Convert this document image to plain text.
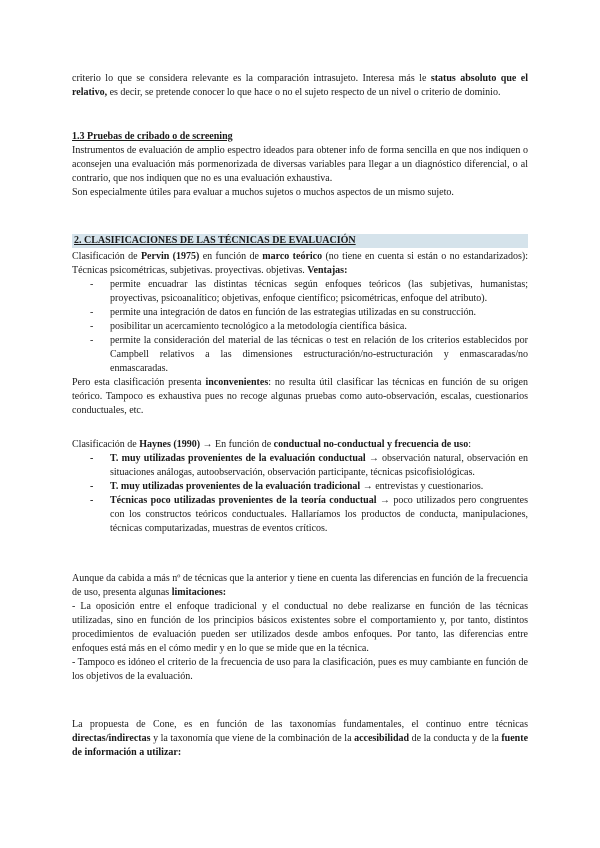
criterio lo que se considera relevante es la comparación intrasujeto. Interesa más le status absoluto que el relativo, es decir, se pretende conocer lo que hace o no el sujeto respecto de un nivel o criterio de dominio.

1.3 Pruebas de cribado o de screening

Instrumentos de evaluación de amplio espectro ideados para obtener info de forma sencilla en que nos indiquen o aconsejen una evaluación más pormenorizada de diversas variables para llegar a un diagnóstico diferencial, o al contrario, que nos indiquen que no es una evaluación exhaustiva.

Son especialmente útiles para evaluar a muchos sujetos o muchos aspectos de un mismo sujeto.

2. CLASIFICACIONES DE LAS TÉCNICAS DE EVALUACIÓN

Clasificación de Pervin (1975) en función de marco teórico (no tiene en cuenta si están o no estandarizados): Técnicas psicométricas, subjetivas. proyectivas. objetivas. Ventajas:

- permite encuadrar las distintas técnicas según enfoques teóricos (las subjetivas, humanistas; proyectivas, psicoanalítico; objetivas, enfoque científico; psicométricas, enfoque del atributo).
- permite una integración de datos en función de las estrategias utilizadas en su construcción.
- posibilitar un acercamiento tecnológico a la metodología científica básica.
- permite la consideración del material de las técnicas o test en relación de los criterios establecidos por Campbell relativos a las dimensiones estructuración/no-estructuración y enmascaradas/no enmascaradas.

Pero esta clasificación presenta inconvenientes: no resulta útil clasificar las técnicas en función de su origen teórico. Tampoco es exhaustiva pues no recoge algunas pruebas como auto-observación, escalas, cuestionarios conductuales, etc.

Clasificación de Haynes (1990) → En función de conductual no-conductual y frecuencia de uso:

- T. muy utilizadas provenientes de la evaluación conductual → observación natural, observación en situaciones análogas, autoobservación, observación participante, técnicas psicofisiológicas.
- T. muy utilizadas provenientes de la evaluación tradicional → entrevistas y cuestionarios.
- Técnicas poco utilizadas provenientes de la teoría conductual → poco utilizados pero congruentes con los constructos teóricos conductuales. Hallaríamos los productos de conducta, manipulaciones, técnicas computarizadas, muestras de eventos críticos.

Aunque da cabida a más nº de técnicas que la anterior y tiene en cuenta las diferencias en función de la frecuencia de uso, presenta algunas limitaciones:

- La oposición entre el enfoque tradicional y el conductual no debe realizarse en función de las técnicas utilizadas, sino en función de los principios básicos existentes sobre el comportamiento y, por tanto, distintos procedimientos de evaluación pueden ser utilizados desde ambos enfoques. Por tanto, las diferencias entre enfoques está más en el cómo medir y en lo que se mide que en la técnica.

- Tampoco es idóneo el criterio de la frecuencia de uso para la clasificación, pues es muy cambiante en función de los objetivos de la evaluación.

La propuesta de Cone, es en función de las taxonomías fundamentales, el continuo entre técnicas directas/indirectas y la taxonomía que viene de la combinación de la accesibilidad de la conducta y de la fuente de información a utilizar:
